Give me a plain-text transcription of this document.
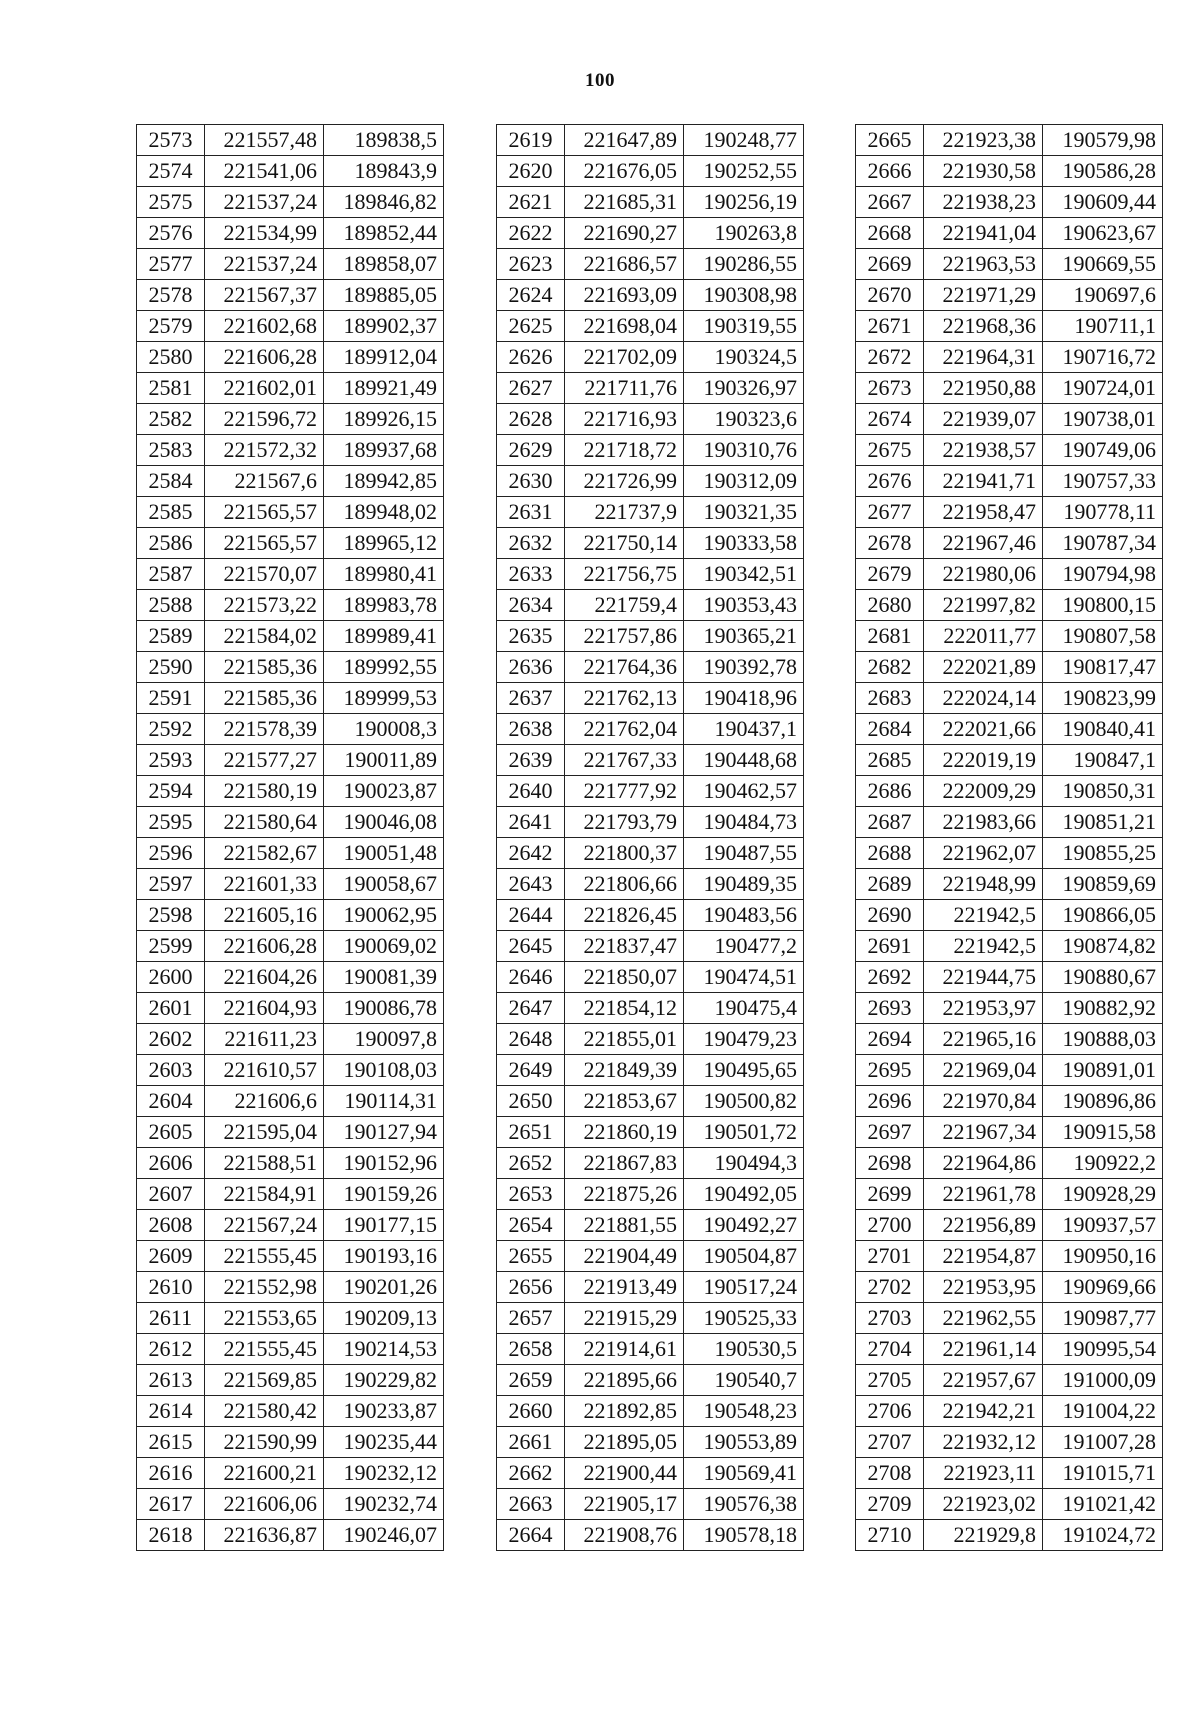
100
2573	221557,48	189838,5
2574	221541,06	189843,9
2575	221537,24	189846,82
2576	221534,99	189852,44
2577	221537,24	189858,07
2578	221567,37	189885,05
2579	221602,68	189902,37
2580	221606,28	189912,04
2581	221602,01	189921,49
2582	221596,72	189926,15
2583	221572,32	189937,68
2584	221567,6	189942,85
2585	221565,57	189948,02
2586	221565,57	189965,12
2587	221570,07	189980,41
2588	221573,22	189983,78
2589	221584,02	189989,41
2590	221585,36	189992,55
2591	221585,36	189999,53
2592	221578,39	190008,3
2593	221577,27	190011,89
2594	221580,19	190023,87
2595	221580,64	190046,08
2596	221582,67	190051,48
2597	221601,33	190058,67
2598	221605,16	190062,95
2599	221606,28	190069,02
2600	221604,26	190081,39
2601	221604,93	190086,78
2602	221611,23	190097,8
2603	221610,57	190108,03
2604	221606,6	190114,31
2605	221595,04	190127,94
2606	221588,51	190152,96
2607	221584,91	190159,26
2608	221567,24	190177,15
2609	221555,45	190193,16
2610	221552,98	190201,26
2611	221553,65	190209,13
2612	221555,45	190214,53
2613	221569,85	190229,82
2614	221580,42	190233,87
2615	221590,99	190235,44
2616	221600,21	190232,12
2617	221606,06	190232,74
2618	221636,87	190246,07
2619	221647,89	190248,77
2620	221676,05	190252,55
2621	221685,31	190256,19
2622	221690,27	190263,8
2623	221686,57	190286,55
2624	221693,09	190308,98
2625	221698,04	190319,55
2626	221702,09	190324,5
2627	221711,76	190326,97
2628	221716,93	190323,6
2629	221718,72	190310,76
2630	221726,99	190312,09
2631	221737,9	190321,35
2632	221750,14	190333,58
2633	221756,75	190342,51
2634	221759,4	190353,43
2635	221757,86	190365,21
2636	221764,36	190392,78
2637	221762,13	190418,96
2638	221762,04	190437,1
2639	221767,33	190448,68
2640	221777,92	190462,57
2641	221793,79	190484,73
2642	221800,37	190487,55
2643	221806,66	190489,35
2644	221826,45	190483,56
2645	221837,47	190477,2
2646	221850,07	190474,51
2647	221854,12	190475,4
2648	221855,01	190479,23
2649	221849,39	190495,65
2650	221853,67	190500,82
2651	221860,19	190501,72
2652	221867,83	190494,3
2653	221875,26	190492,05
2654	221881,55	190492,27
2655	221904,49	190504,87
2656	221913,49	190517,24
2657	221915,29	190525,33
2658	221914,61	190530,5
2659	221895,66	190540,7
2660	221892,85	190548,23
2661	221895,05	190553,89
2662	221900,44	190569,41
2663	221905,17	190576,38
2664	221908,76	190578,18
2665	221923,38	190579,98
2666	221930,58	190586,28
2667	221938,23	190609,44
2668	221941,04	190623,67
2669	221963,53	190669,55
2670	221971,29	190697,6
2671	221968,36	190711,1
2672	221964,31	190716,72
2673	221950,88	190724,01
2674	221939,07	190738,01
2675	221938,57	190749,06
2676	221941,71	190757,33
2677	221958,47	190778,11
2678	221967,46	190787,34
2679	221980,06	190794,98
2680	221997,82	190800,15
2681	222011,77	190807,58
2682	222021,89	190817,47
2683	222024,14	190823,99
2684	222021,66	190840,41
2685	222019,19	190847,1
2686	222009,29	190850,31
2687	221983,66	190851,21
2688	221962,07	190855,25
2689	221948,99	190859,69
2690	221942,5	190866,05
2691	221942,5	190874,82
2692	221944,75	190880,67
2693	221953,97	190882,92
2694	221965,16	190888,03
2695	221969,04	190891,01
2696	221970,84	190896,86
2697	221967,34	190915,58
2698	221964,86	190922,2
2699	221961,78	190928,29
2700	221956,89	190937,57
2701	221954,87	190950,16
2702	221953,95	190969,66
2703	221962,55	190987,77
2704	221961,14	190995,54
2705	221957,67	191000,09
2706	221942,21	191004,22
2707	221932,12	191007,28
2708	221923,11	191015,71
2709	221923,02	191021,42
2710	221929,8	191024,72
